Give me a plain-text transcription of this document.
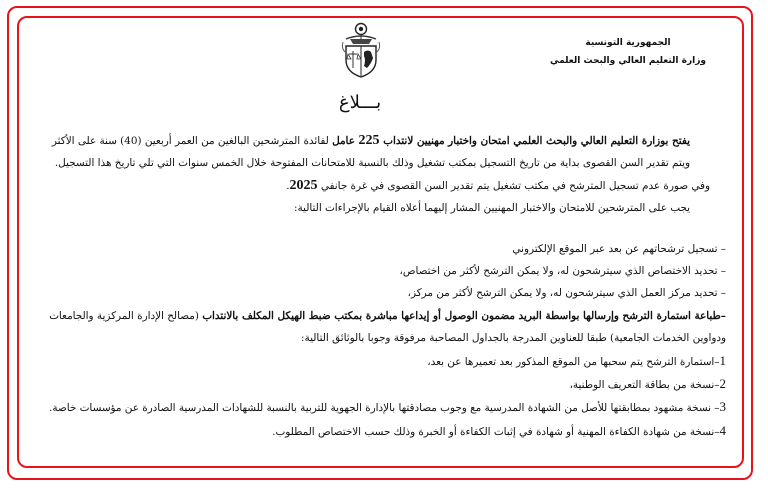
الجمهورية التونسية
وزارة التعليم العالي والبحث العلمي
بـــلاغ

يفتح بوزارة التعليم العالي والبحث العلمي امتحان واختبار مهنيين لانتداب 225 عامل لفائدة المترشحين البالغين من العمر أربعين (40) سنة على الأكثر ويتم تقدير السن القصوى بداية من تاريخ التسجيل بمكتب تشغيل وذلك بالنسبة للامتحانات المفتوحة خلال الخمس سنوات التي تلي تاريخ هذا التسجيل.

وفي صورة عدم تسجيل المترشح في مكتب تشغيل يتم تقدير السن القصوى في غرة جانفي 2025.

يجب على المترشحين للامتحان والاختبار المهنيين المشار إليهما أعلاه القيام بالإجراءات التالية:

– تسجيل ترشحاتهم عن بعد عبر الموقع الإلكتروني

– تحديد الاختصاص الذي سيترشحون له، ولا يمكن الترشح لأكثر من اختصاص،

– تحديد مركز العمل الذي سيترشحون له، ولا يمكن الترشح لأكثر من مركز،

–طباعة استمارة الترشح وإرسالها بواسطة البريد مضمون الوصول أو إيداعها مباشرة بمكتب ضبط الهيكل المكلف بالانتداب (مصالح الإدارة المركزية والجامعات ودواوين الخدمات الجامعية) طبقا للعناوين المدرجة بالجداول المصاحبة مرفوقة وجوبا بالوثائق التالية:

1–استمارة الترشح يتم سحبها من الموقع المذكور بعد تعميرها عن بعد،

2–نسخة من بطاقة التعريف الوطنية،

3– نسخة مشهود بمطابقتها للأصل من الشهادة المدرسية مع وجوب مصادقتها بالإدارة الجهوية للتربية بالنسبة للشهادات المدرسية الصادرة عن مؤسسات خاصة.

4–نسخة من شهادة الكفاءة المهنية أو شهادة في إثبات الكفاءة أو الخبرة وذلك حسب الاختصاص المطلوب.
